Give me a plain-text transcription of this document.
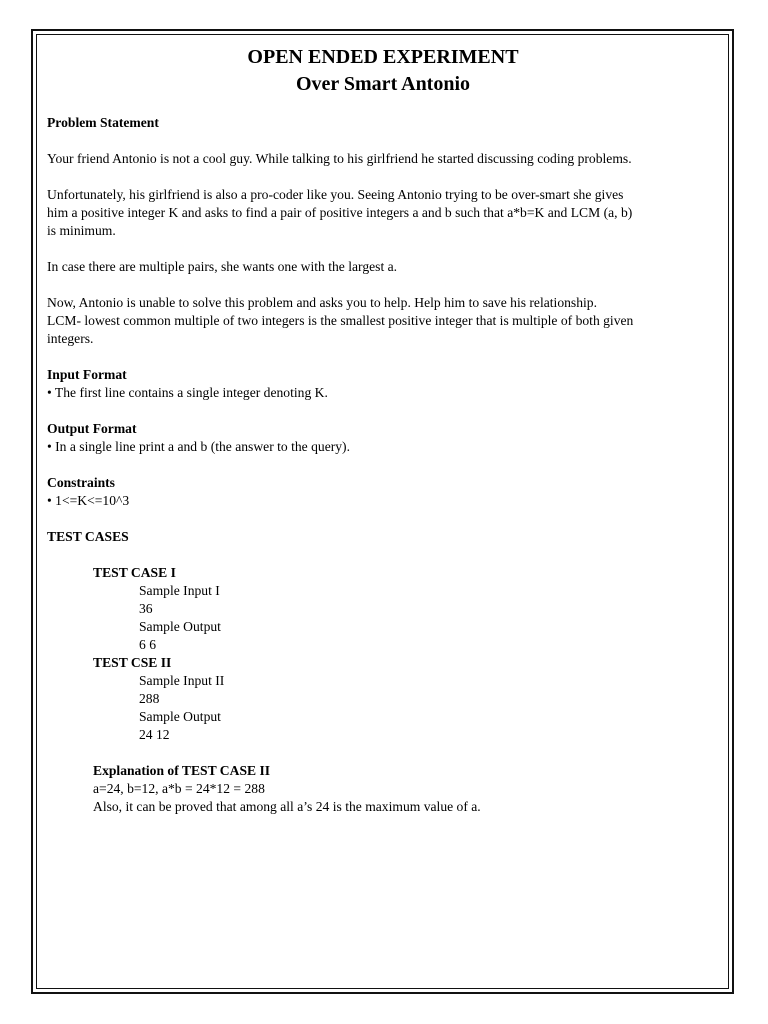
OPEN ENDED EXPERIMENT
Over Smart Antonio

Problem Statement

Your friend Antonio is not a cool guy. While talking to his girlfriend he started discussing coding problems.

Unfortunately, his girlfriend is also a pro-coder like you. Seeing Antonio trying to be over-smart she gives

him a positive integer K and asks to find a pair of positive integers a and b such that a*b=K and LCM (a, b)

is minimum.

In case there are multiple pairs, she wants one with the largest a.

Now, Antonio is unable to solve this problem and asks you to help. Help him to save his relationship.

LCM- lowest common multiple of two integers is the smallest positive integer that is multiple of both given

integers.

Input Format

• The first line contains a single integer denoting K.

Output Format

• In a single line print a and b (the answer to the query).

Constraints

• 1<=K<=10^3

TEST CASES

TEST CASE I

Sample Input I

36

Sample Output

6 6

TEST CSE II

Sample Input II

288

Sample Output

24 12

Explanation of TEST CASE II

a=24, b=12, a*b = 24*12 = 288

Also, it can be proved that among all a’s 24 is the maximum value of a.
